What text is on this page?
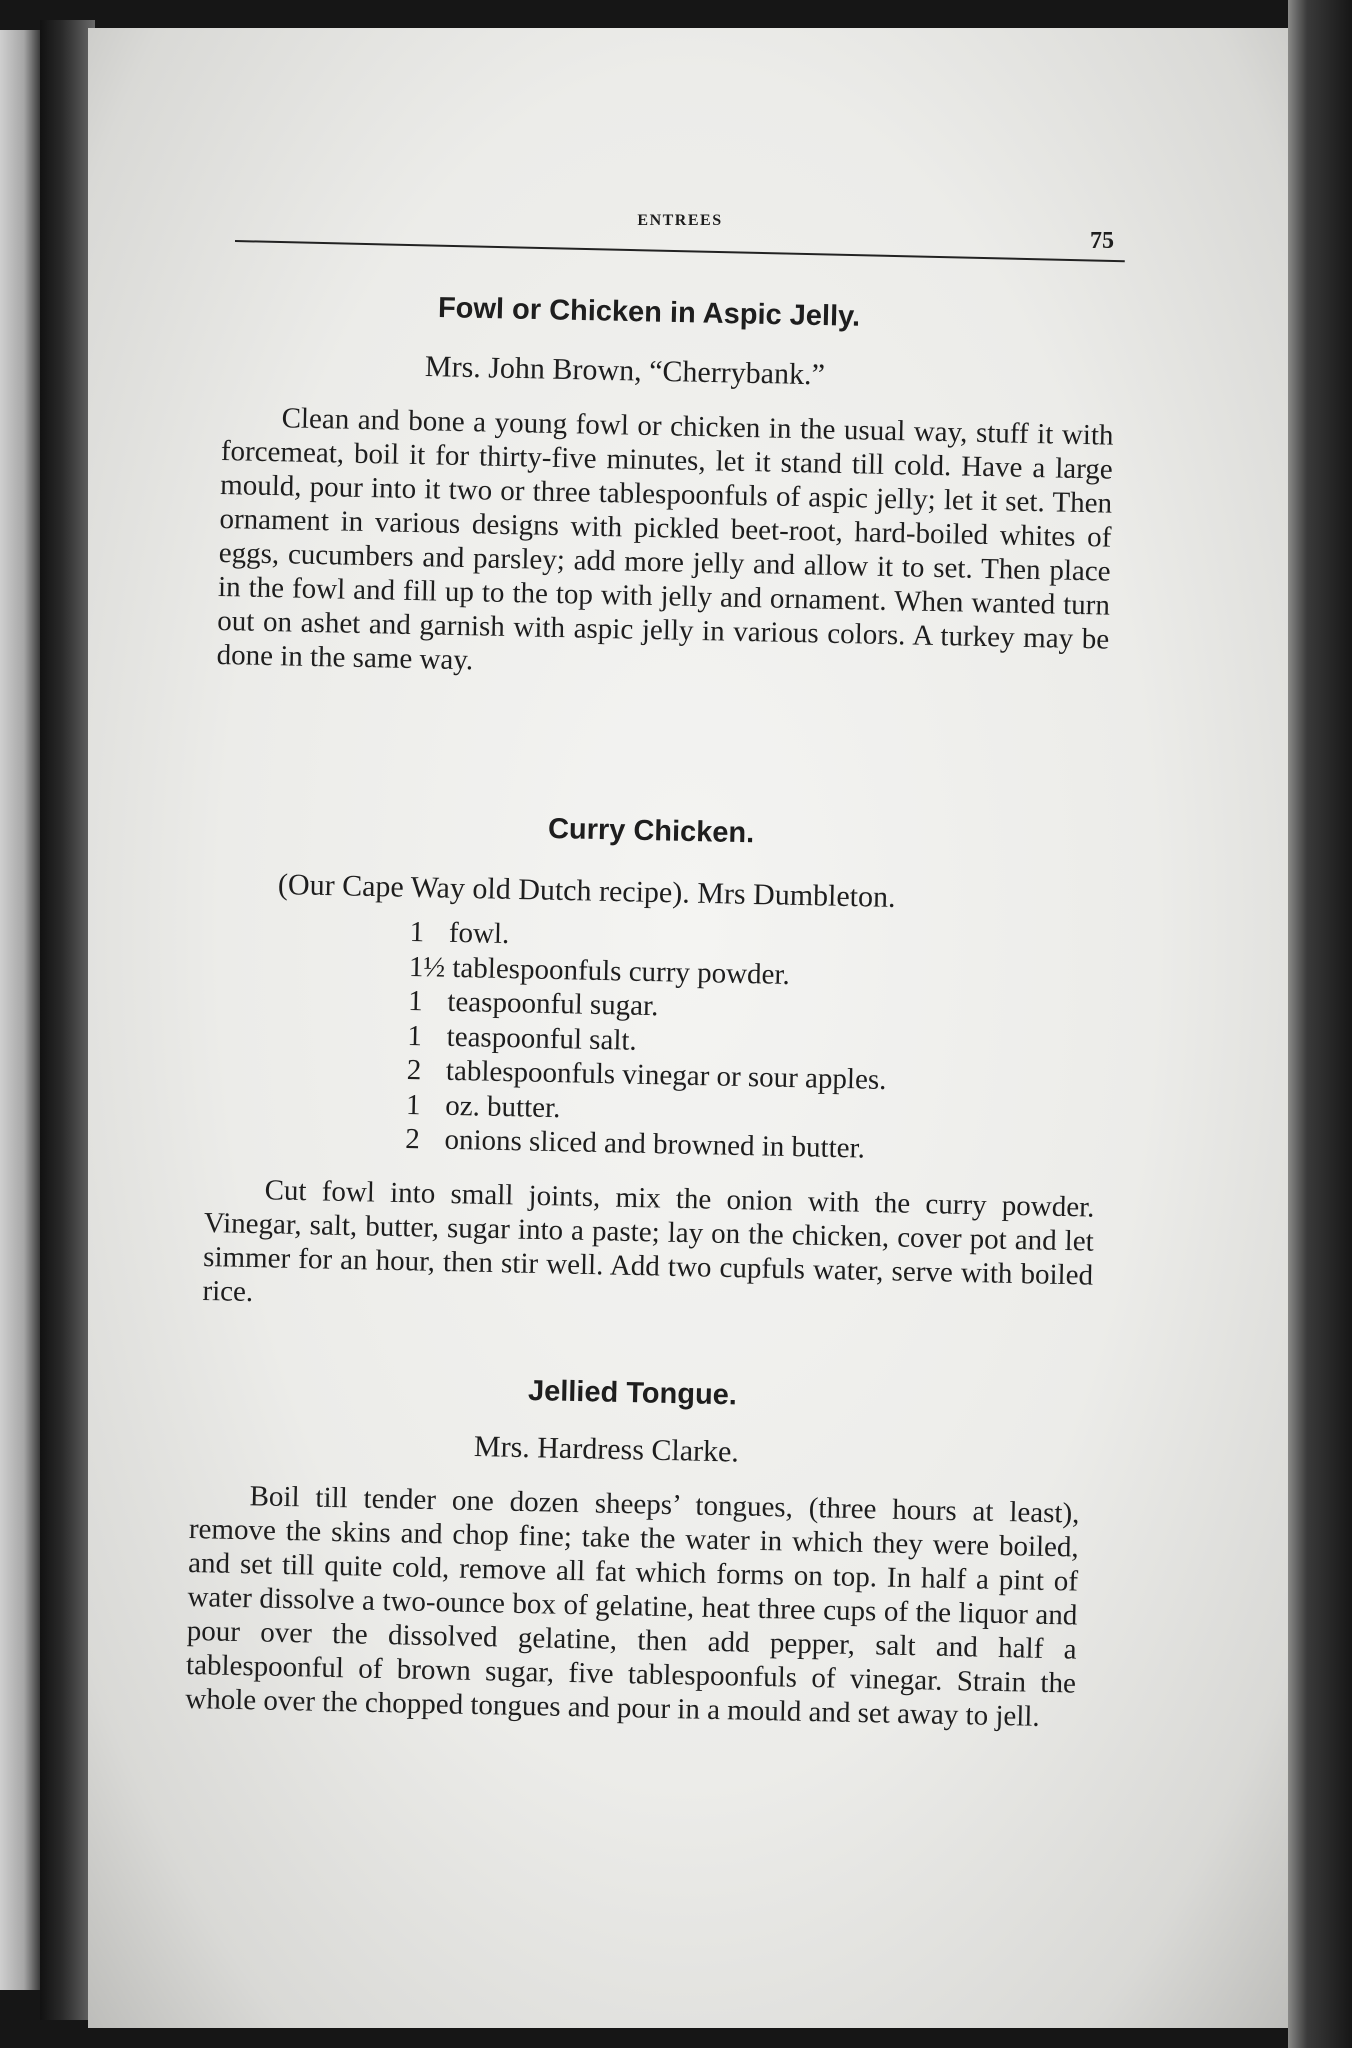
ENTREES
75
Fowl or Chicken in Aspic Jelly.
Mrs. John Brown, “Cherrybank.”
Clean and bone a young fowl or chicken in the usual way, stuff it with forcemeat, boil it for thirty-five minutes, let it stand till cold. Have a large mould, pour into it two or three tablespoonfuls of aspic jelly; let it set. Then ornament in various designs with pickled beet-root, hard-boiled whites of eggs, cucumbers and parsley; add more jelly and allow it to set. Then place in the fowl and fill up to the top with jelly and ornament. When wanted turn out on ashet and garnish with aspic jelly in various colors. A turkey may be done in the same way.
Curry Chicken.
(Our Cape Way old Dutch recipe). Mrs Dumbleton.
1 fowl.
1½ tablespoonfuls curry powder.
1 teaspoonful sugar.
1 teaspoonful salt.
2 tablespoonfuls vinegar or sour apples.
1 oz. butter.
2 onions sliced and browned in butter.
Cut fowl into small joints, mix the onion with the curry powder. Vinegar, salt, butter, sugar into a paste; lay on the chicken, cover pot and let simmer for an hour, then stir well. Add two cupfuls water, serve with boiled rice.
Jellied Tongue.
Mrs. Hardress Clarke.
Boil till tender one dozen sheeps’ tongues, (three hours at least), remove the skins and chop fine; take the water in which they were boiled, and set till quite cold, remove all fat which forms on top. In half a pint of water dissolve a two-ounce box of gelatine, heat three cups of the liquor and pour over the dissolved gelatine, then add pepper, salt and half a tablespoonful of brown sugar, five tablespoonfuls of vinegar. Strain the whole over the chopped tongues and pour in a mould and set away to jell.
